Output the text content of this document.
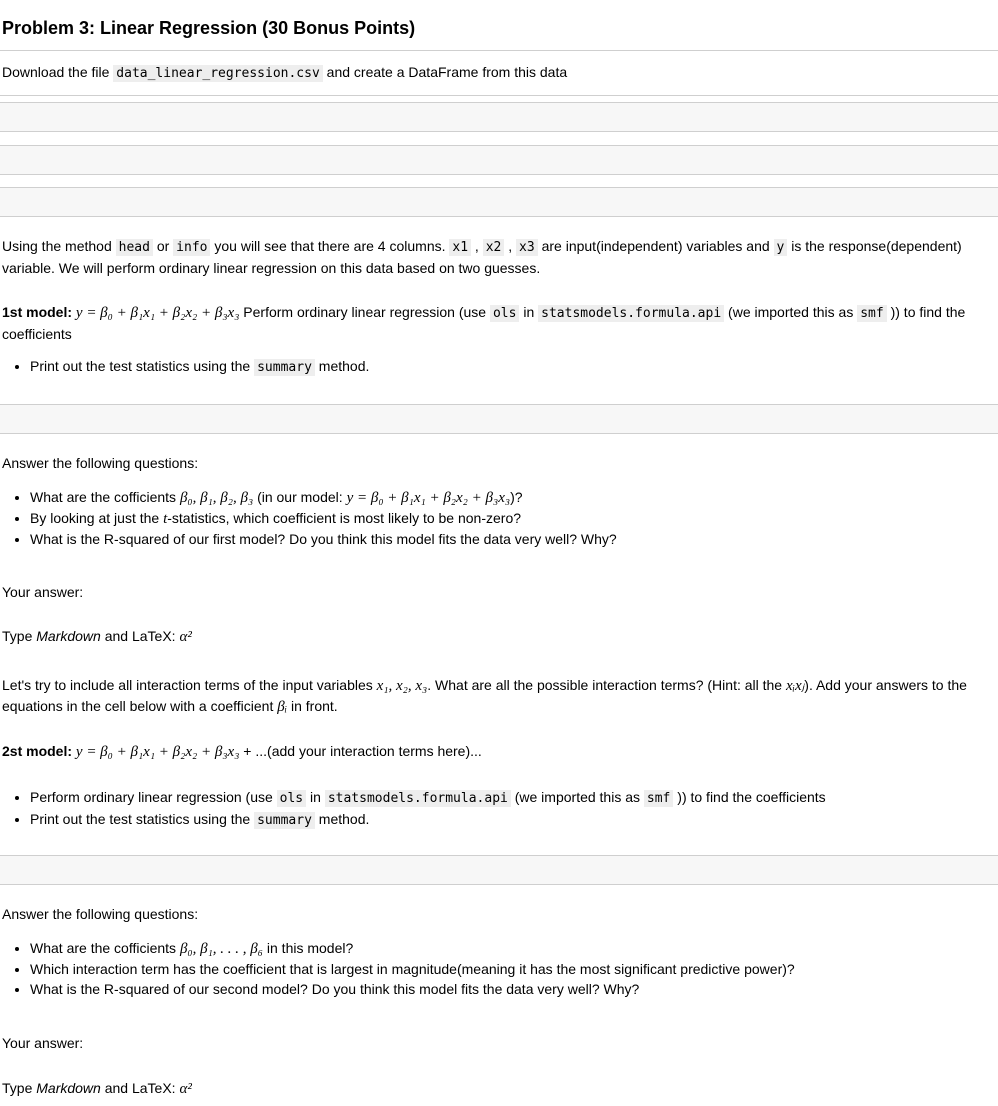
Problem 3: Linear Regression (30 Bonus Points)

Download the file data_linear_regression.csv and create a DataFrame from this data

Using the method head or info you will see that there are 4 columns. x1 , x2 , x3 are input(independent) variables and y is the response(dependent) variable. We will perform ordinary linear regression on this data based on two guesses.

1st model: y = β₀ + β₁x₁ + β₂x₂ + β₃x₃ Perform ordinary linear regression (use ols in statsmodels.formula.api (we imported this as smf )) to find the coefficients

• Print out the test statistics using the summary method.

Answer the following questions:

• What are the cofficients β₀, β₁, β₂, β₃ (in our model: y = β₀ + β₁x₁ + β₂x₂ + β₃x₃)?
• By looking at just the t-statistics, which coefficient is most likely to be non-zero?
• What is the R-squared of our first model? Do you think this model fits the data very well? Why?

Your answer:

Type Markdown and LaTeX: α²

Let's try to include all interaction terms of the input variables x₁, x₂, x₃. What are all the possible interaction terms? (Hint: all the xᵢxⱼ). Add your answers to the equations in the cell below with a coefficient βᵢ in front.

2st model: y = β₀ + β₁x₁ + β₂x₂ + β₃x₃ + ...(add your interaction terms here)...

• Perform ordinary linear regression (use ols in statsmodels.formula.api (we imported this as smf )) to find the coefficients
• Print out the test statistics using the summary method.

Answer the following questions:

• What are the cofficients β₀, β₁, . . . , β₆ in this model?
• Which interaction term has the coefficient that is largest in magnitude(meaning it has the most significant predictive power)?
• What is the R-squared of our second model? Do you think this model fits the data very well? Why?

Your answer:

Type Markdown and LaTeX: α²
